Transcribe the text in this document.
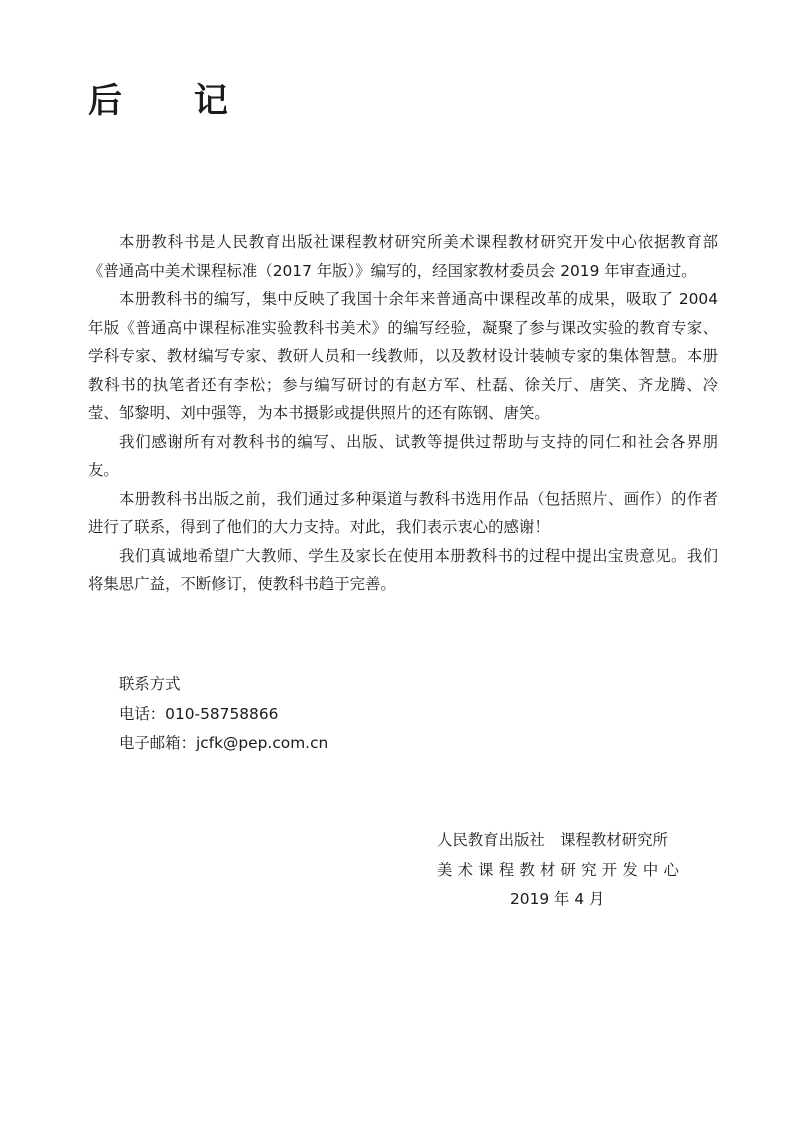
后 记

本册教科书是人民教育出版社课程教材研究所美术课程教材研究开发中心依据教育部《普通高中美术课程标准（2017 年版）》编写的，经国家教材委员会 2019 年审查通过。

本册教科书的编写，集中反映了我国十余年来普通高中课程改革的成果，吸取了 2004 年版《普通高中课程标准实验教科书美术》的编写经验，凝聚了参与课改实验的教育专家、学科专家、教材编写专家、教研人员和一线教师，以及教材设计装帧专家的集体智慧。本册教科书的执笔者还有李松；参与编写研讨的有赵方军、杜磊、徐关厅、唐笑、齐龙腾、冷莹、邹黎明、刘中强等，为本书摄影或提供照片的还有陈钢、唐笑。

我们感谢所有对教科书的编写、出版、试教等提供过帮助与支持的同仁和社会各界朋友。

本册教科书出版之前，我们通过多种渠道与教科书选用作品（包括照片、画作）的作者进行了联系，得到了他们的大力支持。对此，我们表示衷心的感谢！

我们真诚地希望广大教师、学生及家长在使用本册教科书的过程中提出宝贵意见。我们将集思广益，不断修订，使教科书趋于完善。

联系方式

电话：010-58758866

电子邮箱：jcfk@pep.com.cn

人民教育出版社　课程教材研究所

美术课程教材研究开发中心

2019 年 4 月
